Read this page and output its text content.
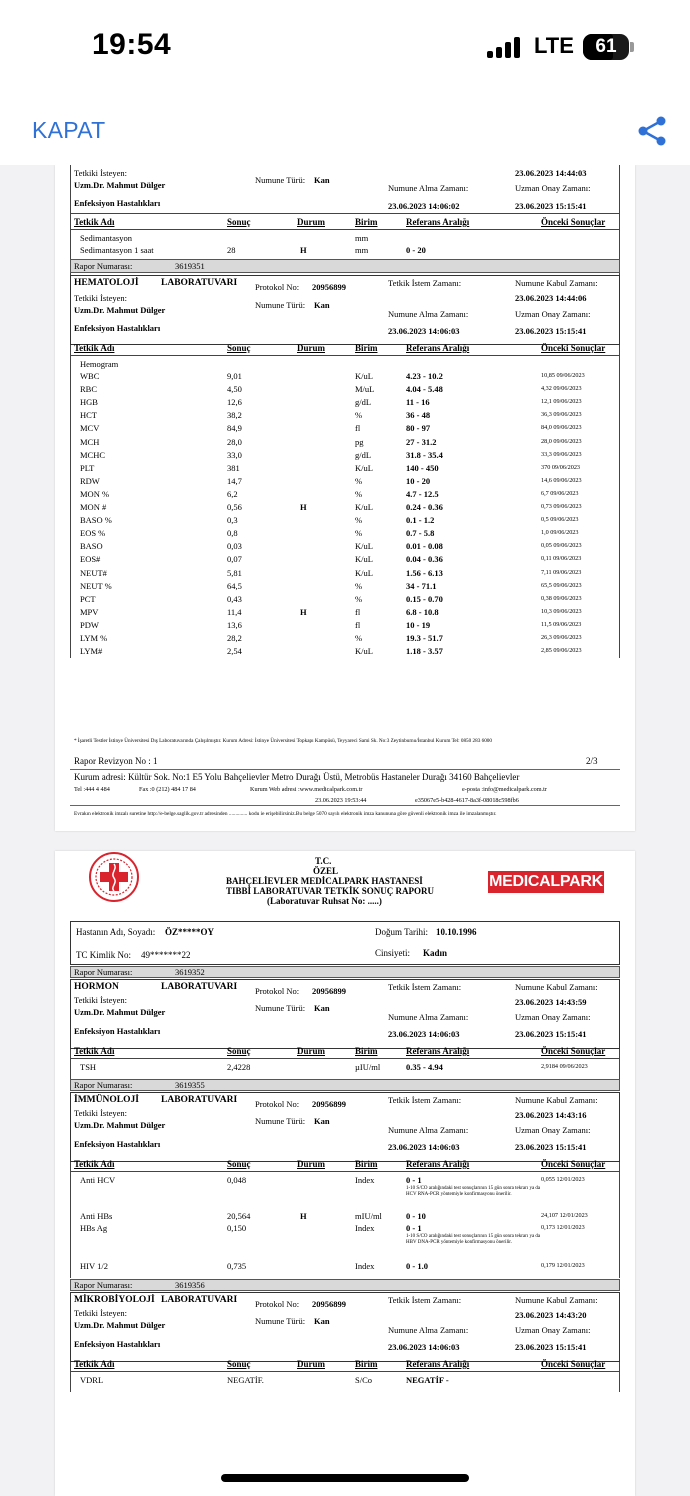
19:54	LTE	61
KAPAT
Tetkiki İsteyen:
Uzm.Dr. Mahmut Dülger
Enfeksiyon Hastalıkları
Numune Türü: Kan
Numune Alma Zamanı:
23.06.2023 14:06:02
23.06.2023 14:44:03
Uzman Onay Zamanı:
23.06.2023 15:15:41
Tetkik Adı	Sonuç	Durum	Birim	Referans Aralığı	Önceki Sonuçlar
Sedimantasyon	mm
Sedimantasyon 1 saat	28	H	mm	0 - 20
Rapor Numarası:	3619351
HEMATOLOJİ LABORATUVARI Protokol No: 20956899	Tetkik İstem Zamanı:	Numune Kabul Zamanı:
Tetkiki İsteyen:	23.06.2023 14:44:06
Uzm.Dr. Mahmut Dülger	Numune Türü: Kan
Numune Alma Zamanı:	Uzman Onay Zamanı:
Enfeksiyon Hastalıkları	23.06.2023 14:06:03	23.06.2023 15:15:41
Tetkik Adı	Sonuç	Durum	Birim	Referans Aralığı	Önceki Sonuçlar
Hemogram
WBC	9,01	K/uL	4.23 - 10.2	10,85 09/06/2023
RBC	4,50	M/uL	4.04 - 5.48	4,32 09/06/2023
HGB	12,6	g/dL	11 - 16	12,1 09/06/2023
HCT	38,2	%	36 - 48	36,3 09/06/2023
MCV	84,9	fl	80 - 97	84,0 09/06/2023
MCH	28,0	pg	27 - 31.2	28,0 09/06/2023
MCHC	33,0	g/dL	31.8 - 35.4	33,3 09/06/2023
PLT	381	K/uL	140 - 450	370 09/06/2023
RDW	14,7	%	10 - 20	14,6 09/06/2023
MON %	6,2	%	4.7 - 12.5	6,7 09/06/2023
MON #	0,56	H	K/uL	0.24 - 0.36	0,73 09/06/2023
BASO %	0,3	%	0.1 - 1.2	0,5 09/06/2023
EOS %	0,8	%	0.7 - 5.8	1,0 09/06/2023
BASO	0,03	K/uL	0.01 - 0.08	0,05 09/06/2023
EOS#	0,07	K/uL	0.04 - 0.36	0,11 09/06/2023
NEUT#	5,81	K/uL	1.56 - 6.13	7,11 09/06/2023
NEUT %	64,5	%	34 - 71.1	65,5 09/06/2023
PCT	0,43	%	0.15 - 0.70	0,38 09/06/2023
MPV	11,4	H	fl	6.8 - 10.8	10,3 09/06/2023
PDW	13,6	fl	10 - 19	11,5 09/06/2023
LYM %	28,2	%	19.3 - 51.7	26,3 09/06/2023
LYM#	2,54	K/uL	1.18 - 3.57	2,85 09/06/2023
* İşaretli Testler İstinye Üniversitesi Dış Laboratuvarında Çalışılmıştır. Kurum Adresi: İstinye Üniversitesi Topkapı Kampüsü, Teyyareci Sami Sk. No:3 Zeytinburnu/İstanbul Kurum Tel: 0850 283 6000
Rapor Revizyon No : 1	2/3
Kurum adresi: Kültür Sok. No:1 E5 Yolu Bahçelievler Metro Durağı Üstü, Metrobüs Hastaneler Durağı 34160 Bahçelievler
Tel :444 4 484	Fax :0 (212) 484 17 84	Kurum Web adresi :www.medicalpark.com.tr	e-posta :info@medicalpark.com.tr
23.06.2023 19:53:44	e35067e5-b428-4617-8a3f-08018c598fb6
Evrakın elektronik imzalı suretine http://e-belge.saglik.gov.tr adresinden .............. kodu ie erişebilirsiniz.Bu belge 5070 sayılı elektronik imza kanununa göre güvenli elektronik imza ile imzalanmıştır.
T.C.
ÖZEL
BAHÇELİEVLER MEDİCALPARK HASTANESİ
TIBBİ LABORATUVAR TETKİK SONUÇ RAPORU
(Laboratuvar Ruhsat No: .....)
MEDICALPARK
Hastanın Adı, Soyadı: ÖZ*****OY	Doğum Tarihi: 10.10.1996
TC Kimlik No: 49*******22	Cinsiyeti: Kadın
Rapor Numarası:	3619352
HORMON	LABORATUVARI Protokol No: 20956899	Tetkik İstem Zamanı:	Numune Kabul Zamanı:
Tetkiki İsteyen:	23.06.2023 14:43:59
Uzm.Dr. Mahmut Dülger	Numune Türü: Kan
Numune Alma Zamanı:	Uzman Onay Zamanı:
Enfeksiyon Hastalıkları	23.06.2023 14:06:03	23.06.2023 15:15:41
Tetkik Adı	Sonuç	Durum	Birim	Referans Aralığı	Önceki Sonuçlar
TSH	2,4228	µIU/ml	0.35 - 4.94	2,9184 09/06/2023
Rapor Numarası:	3619355
İMMÜNOLOJİ LABORATUVARI Protokol No: 20956899	Tetkik İstem Zamanı:	Numune Kabul Zamanı:
Tetkiki İsteyen:	23.06.2023 14:43:16
Uzm.Dr. Mahmut Dülger	Numune Türü: Kan
Numune Alma Zamanı:	Uzman Onay Zamanı:
Enfeksiyon Hastalıkları	23.06.2023 14:06:03	23.06.2023 15:15:41
Tetkik Adı	Sonuç	Durum	Birim	Referans Aralığı	Önceki Sonuçlar
Anti HCV	0,048	Index	0 - 1	0,055 12/01/2023
1-10 S/CO aralığındaki test sonuçlarının 15 gün sonra tekrarı ya da HCV RNA-PCR yöntemiyle konfirmasyonu önerilir.
Anti HBs	20,564	H	mIU/ml	0 - 10	24,107 12/01/2023
HBs Ag	0,150	Index	0 - 1	0,173 12/01/2023
1-10 S/CO aralığındaki test sonuçlarının 15 gün sonra tekrarı ya da HBV DNA-PCR yöntemiyle konfirmasyonu önerilir.
HIV 1/2	0,735	Index	0 - 1.0	0,179 12/01/2023
Rapor Numarası:	3619356
MİKROBİYOLOJİ LABORATUVARI Protokol No: 20956899	Tetkik İstem Zamanı:	Numune Kabul Zamanı:
Tetkiki İsteyen:	23.06.2023 14:43:20
Uzm.Dr. Mahmut Dülger	Numune Türü: Kan
Numune Alma Zamanı:	Uzman Onay Zamanı:
Enfeksiyon Hastalıkları	23.06.2023 14:06:03	23.06.2023 15:15:41
Tetkik Adı	Sonuç	Durum	Birim	Referans Aralığı	Önceki Sonuçlar
VDRL	NEGATİF.	S/Co	NEGATİF -
